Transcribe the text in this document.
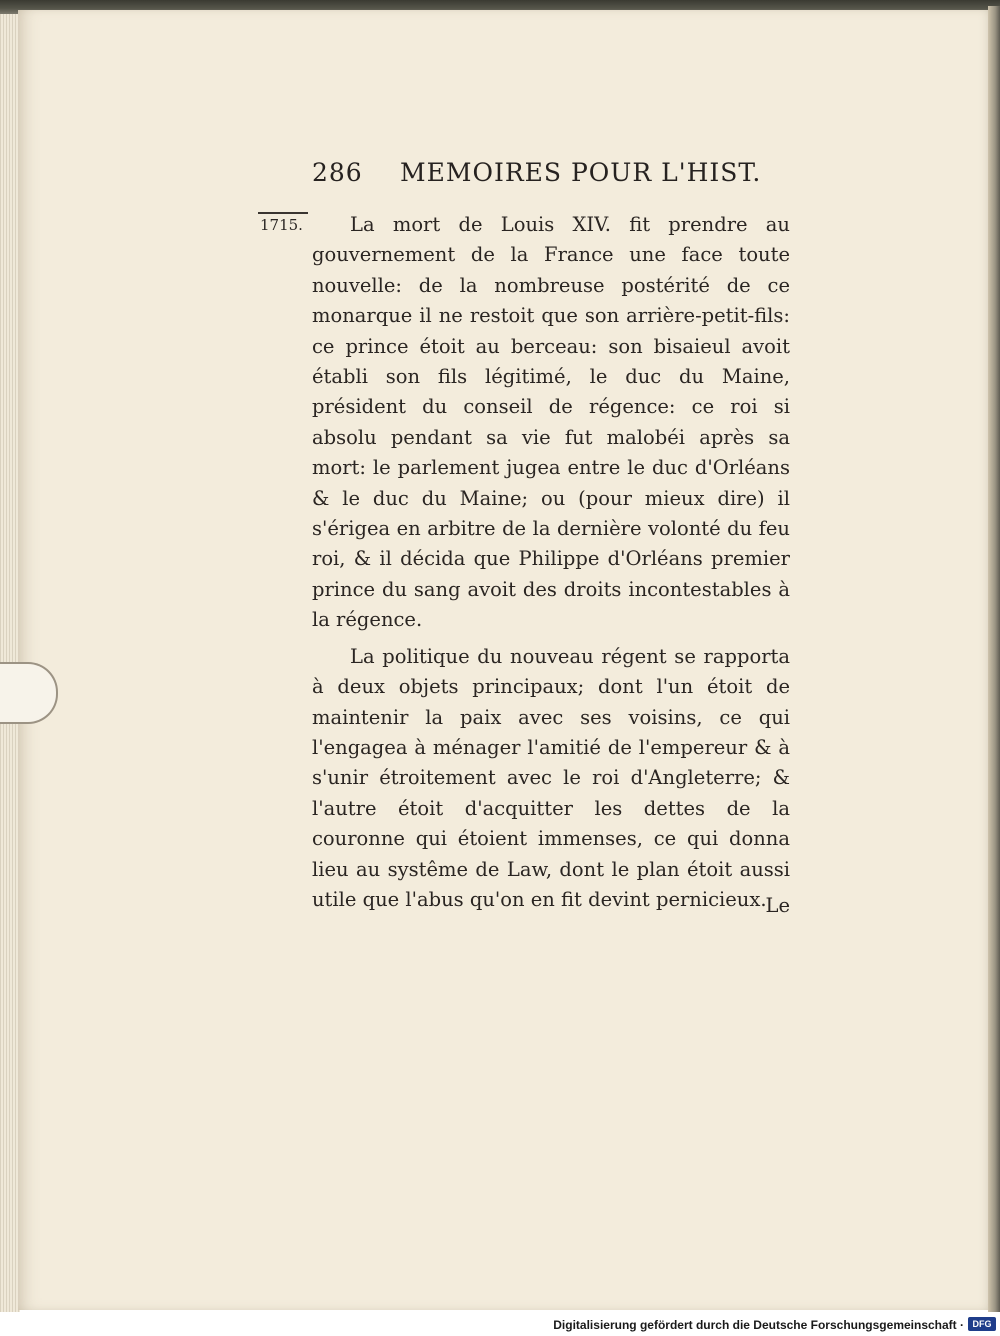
286 MEMOIRES POUR L'HIST.
1715.	La mort de Louis XIV. fit prendre au gouvernement de la France une face toute nouvelle: de la nombreuse postérité de ce monarque il ne restoit que son arrière-petit-fils: ce prince étoit au berceau: son bisaieul avoit établi son fils légitimé, le duc du Maine, président du conseil de régence: ce roi si absolu pendant sa vie fut malobéi après sa mort: le parlement jugea entre le duc d'Orléans & le duc du Maine; ou (pour mieux dire) il s'érigea en arbitre de la dernière volonté du feu roi, & il décida que Philippe d'Orléans premier prince du sang avoit des droits incontestables à la régence.

La politique du nouveau régent se rapporta à deux objets principaux; dont l'un étoit de maintenir la paix avec ses voisins, ce qui l'engagea à ménager l'amitié de l'empereur & à s'unir étroitement avec le roi d'Angleterre; & l'autre étoit d'acquitter les dettes de la couronne qui étoient immenses, ce qui donna lieu au systême de Law, dont le plan étoit aussi utile que l'abus qu'on en fit devint pernicieux.

Le
Digitalisierung gefördert durch die Deutsche Forschungsgemeinschaft · DFG
